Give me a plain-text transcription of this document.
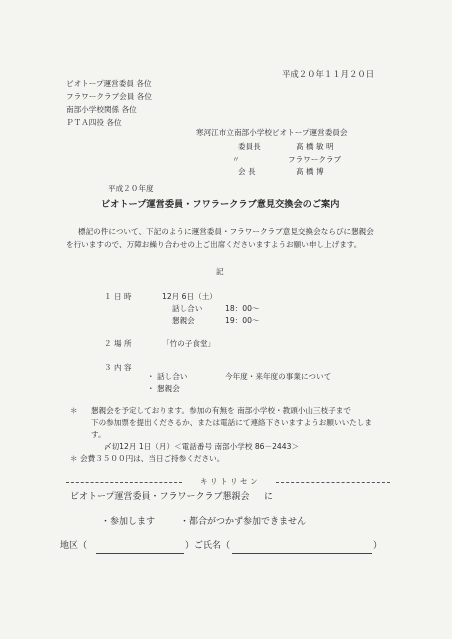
平成２０年１１月２０日
ビオトープ運営委員 各位
フラワークラブ会員 各位
南部小学校関係 各位
ＰＴＡ四役 各位
寒河江市立南部小学校ビオトープ運営委員会
委員長	髙 橋 敏 明
〃	フラワークラブ
会 長	髙 橋 博
平成２０年度
ビオトープ運営委員・フワラークラブ意見交換会のご案内
標記の件について、下記のように運営委員・フラワークラブ意見交換会ならびに懇親会
を行いますので、万障お繰り合わせの上ご出席くださいますようお願い申し上げます。
記
１ 日 時	12月 6日（土）
話し合い	18：00～
懇親会	19：00～
２ 場 所	「竹の子食堂」
３ 内 容
・ 話し合い	今年度・来年度の事業について
・ 懇親会
＊ 懇親会を予定しております。参加の有無を 南部小学校・教頭小山三枝子まで
下の参加票を提出くださるか、または電話にて連絡下さいますようお願いいたしま
す。
〆切12月 1日（月）＜電話番号 南部小学校 86－2443＞
＊ 会費３５００円は、当日ご持参ください。
キ リ ト リ セ ン
ビオトープ運営委員・フラワークラブ懇親会 に
・参加します	・都合がつかず参加できません
地区（	） ご氏名（	）
